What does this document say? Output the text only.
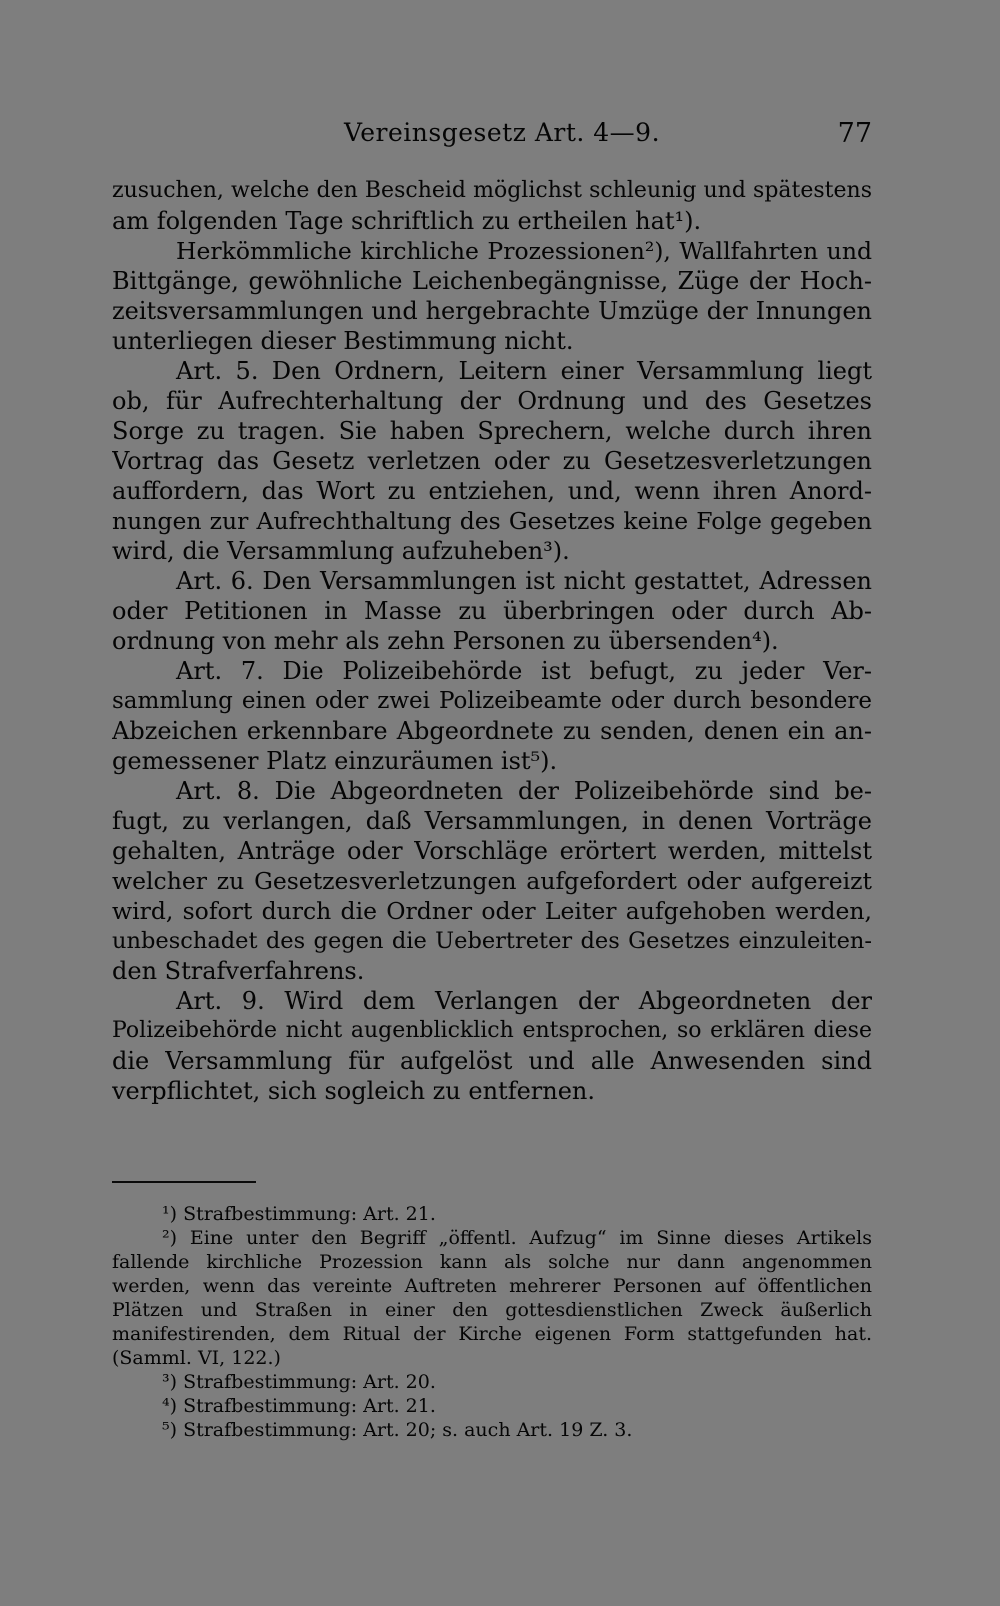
Vereinsgesetz Art. 4—9.	77
zusuchen, welche den Bescheid möglichst schleunig und spätestens
am folgenden Tage schriftlich zu ertheilen hat¹).
Herkömmliche kirchliche Prozessionen²), Wallfahrten und
Bittgänge, gewöhnliche Leichenbegängnisse, Züge der Hoch-
zeitsversammlungen und hergebrachte Umzüge der Innungen
unterliegen dieser Bestimmung nicht.
Art. 5. Den Ordnern, Leitern einer Versammlung liegt
ob, für Aufrechterhaltung der Ordnung und des Gesetzes
Sorge zu tragen. Sie haben Sprechern, welche durch ihren
Vortrag das Gesetz verletzen oder zu Gesetzesverletzungen
auffordern, das Wort zu entziehen, und, wenn ihren Anord-
nungen zur Aufrechthaltung des Gesetzes keine Folge gegeben
wird, die Versammlung aufzuheben³).
Art. 6. Den Versammlungen ist nicht gestattet, Adressen
oder Petitionen in Masse zu überbringen oder durch Ab-
ordnung von mehr als zehn Personen zu übersenden⁴).
Art. 7. Die Polizeibehörde ist befugt, zu jeder Ver-
sammlung einen oder zwei Polizeibeamte oder durch besondere
Abzeichen erkennbare Abgeordnete zu senden, denen ein an-
gemessener Platz einzuräumen ist⁵).
Art. 8. Die Abgeordneten der Polizeibehörde sind be-
fugt, zu verlangen, daß Versammlungen, in denen Vorträge
gehalten, Anträge oder Vorschläge erörtert werden, mittelst
welcher zu Gesetzesverletzungen aufgefordert oder aufgereizt
wird, sofort durch die Ordner oder Leiter aufgehoben werden,
unbeschadet des gegen die Uebertreter des Gesetzes einzuleiten-
den Strafverfahrens.
Art. 9. Wird dem Verlangen der Abgeordneten der
Polizeibehörde nicht augenblicklich entsprochen, so erklären diese
die Versammlung für aufgelöst und alle Anwesenden sind
verpflichtet, sich sogleich zu entfernen.
¹) Strafbestimmung: Art. 21.
²) Eine unter den Begriff „öffentl. Aufzug“ im Sinne dieses Artikels
fallende kirchliche Prozession kann als solche nur dann angenommen
werden, wenn das vereinte Auftreten mehrerer Personen auf öffentlichen
Plätzen und Straßen in einer den gottesdienstlichen Zweck äußerlich
manifestirenden, dem Ritual der Kirche eigenen Form stattgefunden hat.
(Samml. VI, 122.)
³) Strafbestimmung: Art. 20.
⁴) Strafbestimmung: Art. 21.
⁵) Strafbestimmung: Art. 20; s. auch Art. 19 Z. 3.
